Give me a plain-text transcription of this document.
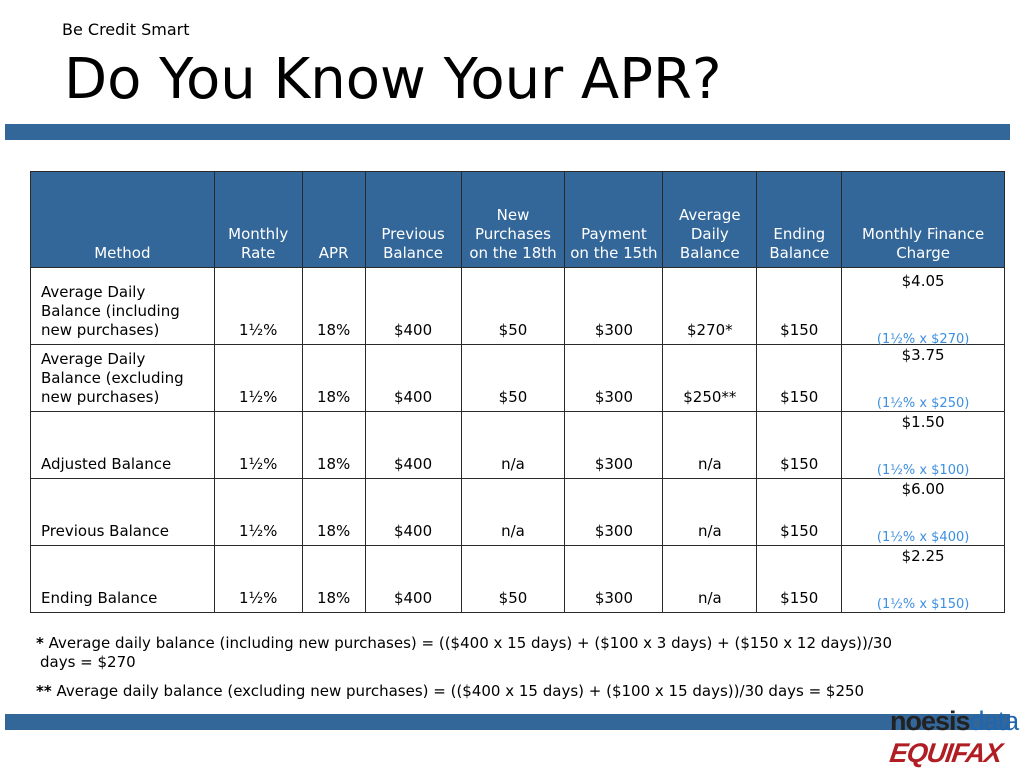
Be Credit Smart
Do You Know Your APR?
Method	Monthly Rate	APR	Previous Balance	New Purchases on the 18th	Payment on the 15th	Average Daily Balance	Ending Balance	Monthly Finance Charge
Average Daily Balance (including new purchases)	1½%	18%	$400	$50	$300	$270*	$150	$4.05
(1½% x $270)

Average Daily Balance (excluding new purchases)	1½%	18%	$400	$50	$300	$250**	$150	$3.75
(1½% x $250)

Adjusted Balance	1½%	18%	$400	n/a	$300	n/a	$150	$1.50
(1½% x $100)

Previous Balance	1½%	18%	$400	n/a	$300	n/a	$150	$6.00
(1½% x $400)

Ending Balance	1½%	18%	$400	$50	$300	n/a	$150	$2.25
(1½% x $150)
* Average daily balance (including new purchases) = (($400 x 15 days) + ($100 x 3 days) + ($150 x 12 days))/30
days = $270
** Average daily balance (excluding new purchases) = (($400 x 15 days) + ($100 x 15 days))/30 days = $250
noesisdata
EQUIFAX
